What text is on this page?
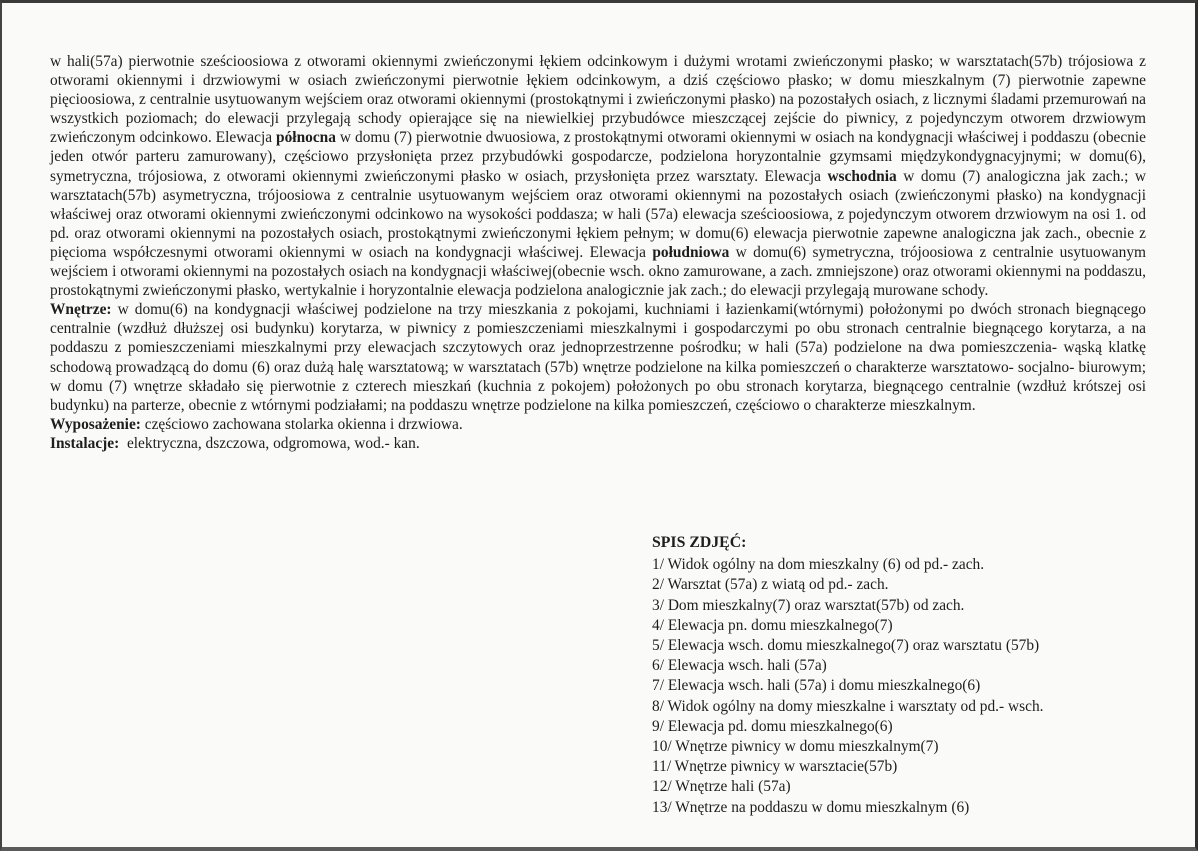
w hali(57a) pierwotnie sześcioosiowa z otworami okiennymi zwieńczonymi łękiem odcinkowym i dużymi wrotami zwieńczonymi płasko; w warsztatach(57b) trójosiowa z otworami okiennymi i drzwiowymi w osiach zwieńczonymi pierwotnie łękiem odcinkowym, a dziś częściowo płasko; w domu mieszkalnym (7) pierwotnie zapewne pięcioosiowa, z centralnie usytuowanym wejściem oraz otworami okiennymi (prostokątnymi i zwieńczonymi płasko) na pozostałych osiach, z licznymi śladami przemurowań na wszystkich poziomach; do elewacji przylegają schody opierające się na niewielkiej przybudówce mieszczącej zejście do piwnicy, z pojedynczym otworem drzwiowym zwieńczonym odcinkowo. Elewacja północna w domu (7) pierwotnie dwuosiowa, z prostokątnymi otworami okiennymi w osiach na kondygnacji właściwej i poddaszu (obecnie jeden otwór parteru zamurowany), częściowo przysłonięta przez przybudówki gospodarcze, podzielona horyzontalnie gzymsami międzykondygnacyjnymi; w domu(6), symetryczna, trójosiowa, z otworami okiennymi zwieńczonymi płasko w osiach, przysłonięta przez warsztaty. Elewacja wschodnia w domu (7) analogiczna jak zach.; w warsztatach(57b) asymetryczna, trójoosiowa z centralnie usytuowanym wejściem oraz otworami okiennymi na pozostałych osiach (zwieńczonymi płasko) na kondygnacji właściwej oraz otworami okiennymi zwieńczonymi odcinkowo na wysokości poddasza; w hali (57a) elewacja sześcioosiowa, z pojedynczym otworem drzwiowym na osi 1. od pd. oraz otworami okiennymi na pozostałych osiach, prostokątnymi zwieńczonymi łękiem pełnym; w domu(6) elewacja pierwotnie zapewne analogiczna jak zach., obecnie z pięcioma współczesnymi otworami okiennymi w osiach na kondygnacji właściwej. Elewacja południowa w domu(6) symetryczna, trójoosiowa z centralnie usytuowanym wejściem i otworami okiennymi na pozostałych osiach na kondygnacji właściwej(obecnie wsch. okno zamurowane, a zach. zmniejszone) oraz otworami okiennymi na poddaszu, prostokątnymi zwieńczonymi płasko, wertykalnie i horyzontalnie elewacja podzielona analogicznie jak zach.; do elewacji przylegają murowane schody.

Wnętrze: w domu(6) na kondygnacji właściwej podzielone na trzy mieszkania z pokojami, kuchniami i łazienkami(wtórnymi) położonymi po dwóch stronach biegnącego centralnie (wzdłuż dłuższej osi budynku) korytarza, w piwnicy z pomieszczeniami mieszkalnymi i gospodarczymi po obu stronach centralnie biegnącego korytarza, a na poddaszu z pomieszczeniami mieszkalnymi przy elewacjach szczytowych oraz jednoprzestrzenne pośrodku; w hali (57a) podzielone na dwa pomieszczenia- wąską klatkę schodową prowadzącą do domu (6) oraz dużą halę warsztatową; w warsztatach (57b) wnętrze podzielone na kilka pomieszczeń o charakterze warsztatowo- socjalno- biurowym; w domu (7) wnętrze składało się pierwotnie z czterech mieszkań (kuchnia z pokojem) położonych po obu stronach korytarza, biegnącego centralnie (wzdłuż krótszej osi budynku) na parterze, obecnie z wtórnymi podziałami; na poddaszu wnętrze podzielone na kilka pomieszczeń, częściowo o charakterze mieszkalnym.

Wyposażenie: częściowo zachowana stolarka okienna i drzwiowa.

Instalacje:  elektryczna, dszczowa, odgromowa, wod.- kan.

SPIS ZDJĘĆ:
1/ Widok ogólny na dom mieszkalny (6) od pd.- zach.
2/ Warsztat (57a) z wiatą od pd.- zach.
3/ Dom mieszkalny(7) oraz warsztat(57b) od zach.
4/ Elewacja pn. domu mieszkalnego(7)
5/ Elewacja wsch. domu mieszkalnego(7) oraz warsztatu (57b)
6/ Elewacja wsch. hali (57a)
7/ Elewacja wsch. hali (57a) i domu mieszkalnego(6)
8/ Widok ogólny na domy mieszkalne i warsztaty od pd.- wsch.
9/ Elewacja pd. domu mieszkalnego(6)
10/ Wnętrze piwnicy w domu mieszkalnym(7)
11/ Wnętrze piwnicy w warsztacie(57b)
12/ Wnętrze hali (57a)
13/ Wnętrze na poddaszu w domu mieszkalnym (6)
